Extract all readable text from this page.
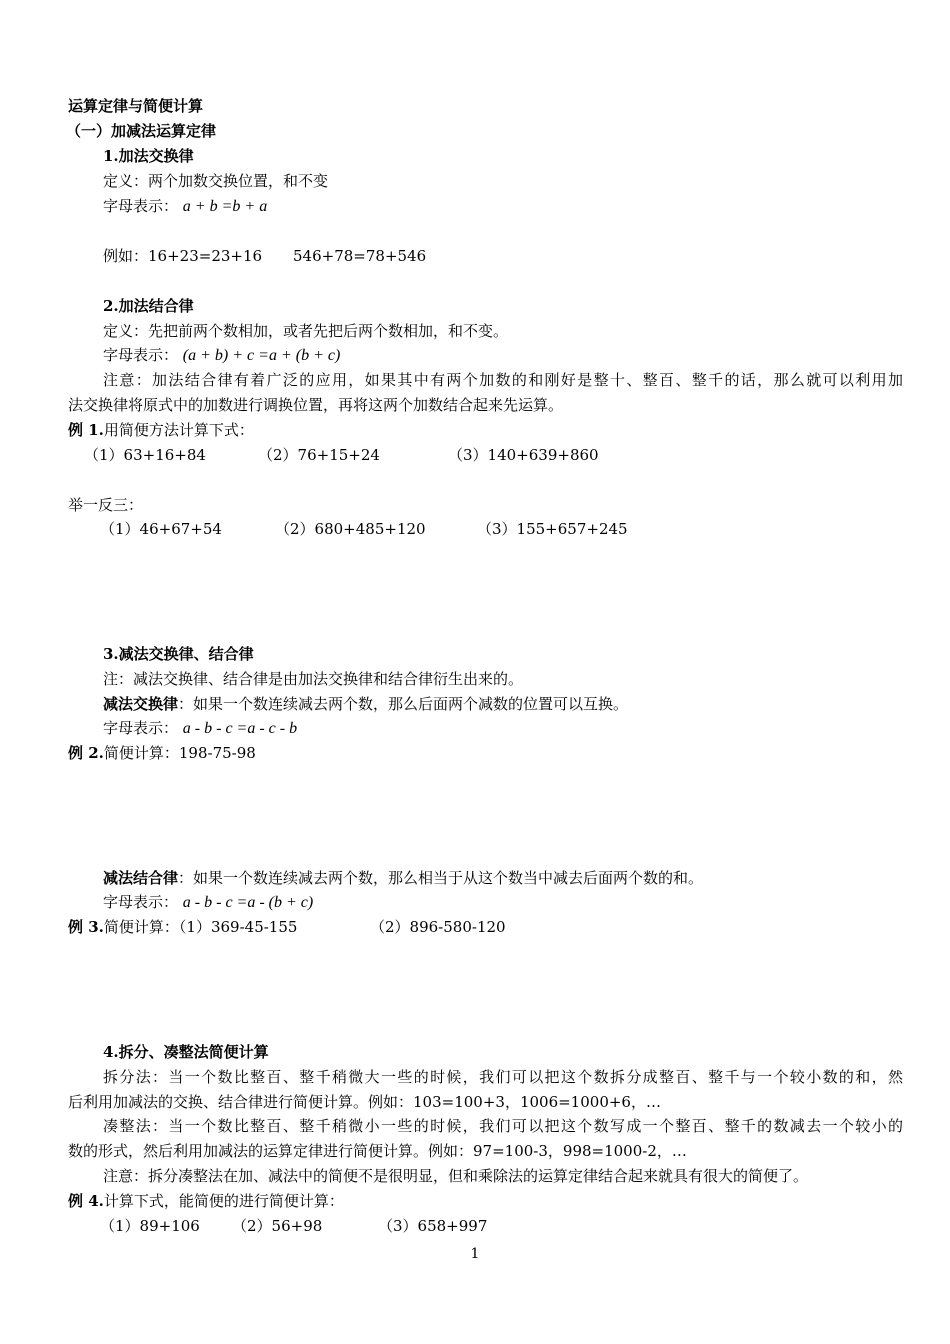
运算定律与简便计算
（一）加减法运算定律
1.加法交换律
定义：两个加数交换位置，和不变
字母表示： a + b =b + a
例如：16+23=23+16 546+78=78+546
2.加法结合律
定义：先把前两个数相加，或者先把后两个数相加，和不变。
字母表示： (a + b) + c =a + (b + c)
注意：加法结合律有着广泛的应用，如果其中有两个加数的和刚好是整十、整百、整千的话，那么就可以利用加
法交换律将原式中的加数进行调换位置，再将这两个加数结合起来先运算。
例 1.用简便方法计算下式：
（1）63+16+84	（2）76+15+24	（3）140+639+860
举一反三：
（1）46+67+54	（2）680+485+120	（3）155+657+245
3.减法交换律、结合律
注：减法交换律、结合律是由加法交换律和结合律衍生出来的。
减法交换律：如果一个数连续减去两个数，那么后面两个减数的位置可以互换。
字母表示： a - b - c =a - c - b
例 2.简便计算：198-75-98
减法结合律：如果一个数连续减去两个数，那么相当于从这个数当中减去后面两个数的和。
字母表示： a - b - c =a - (b + c)
例 3.简便计算：（1）369-45-155	（2）896-580-120
4.拆分、凑整法简便计算
拆分法：当一个数比整百、整千稍微大一些的时候，我们可以把这个数拆分成整百、整千与一个较小数的和，然
后利用加减法的交换、结合律进行简便计算。例如：103=100+3，1006=1000+6，…
凑整法：当一个数比整百、整千稍微小一些的时候，我们可以把这个数写成一个整百、整千的数减去一个较小的
数的形式，然后利用加减法的运算定律进行简便计算。例如：97=100-3，998=1000-2，…
注意：拆分凑整法在加、减法中的简便不是很明显，但和乘除法的运算定律结合起来就具有很大的简便了。
例 4.计算下式，能简便的进行简便计算：
（1）89+106 （2）56+98	（3）658+997
1
